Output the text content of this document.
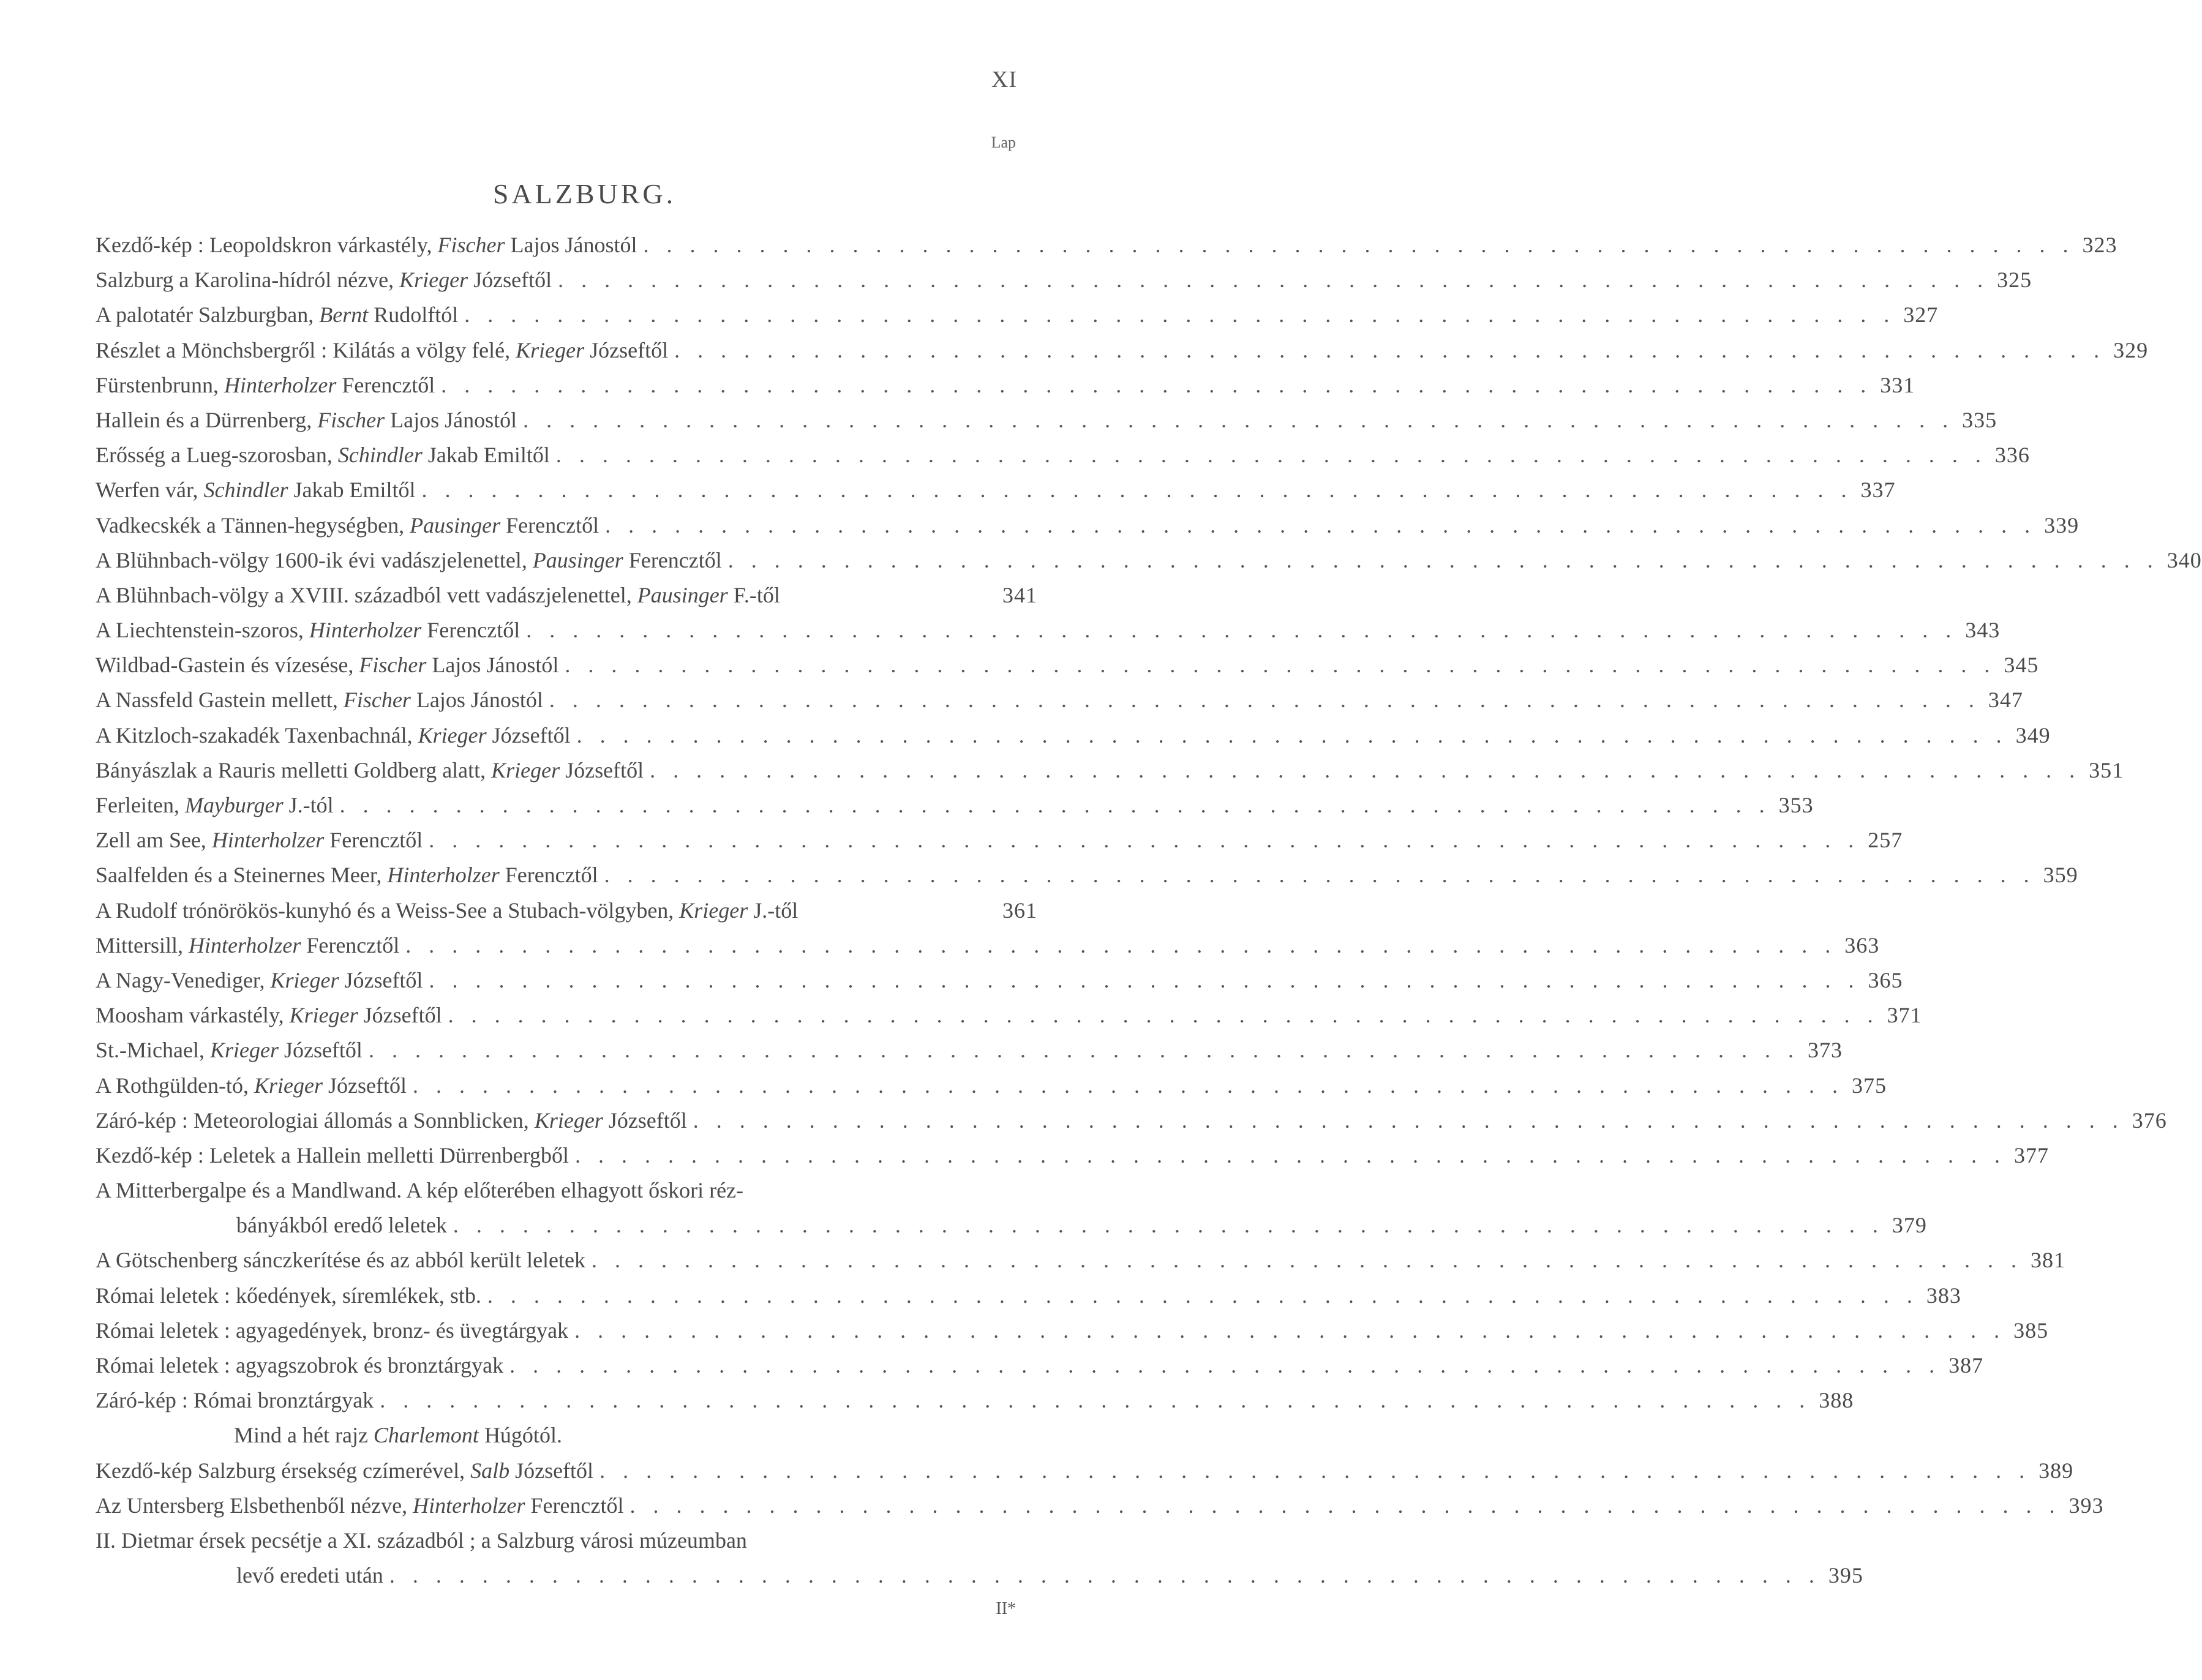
XI
Lap
SALZBURG.
Kezdő-kép : Leopoldskron várkastély, Fischer Lajos Jánostól . . .	323
Salzburg a Karolina-hídról nézve, Krieger Józseftől . . .	325
A palotatér Salzburgban, Bernt Rudolftól . . .	327
Részlet a Mönchsbergről : Kilátás a völgy felé, Krieger Józseftől . . .	329
Fürstenbrunn, Hinterholzer Ferencztől . . .	331
Hallein és a Dürrenberg, Fischer Lajos Jánostól . . .	335
Erősség a Lueg-szorosban, Schindler Jakab Emiltől . . .	336
Werfen vár, Schindler Jakab Emiltől . . .	337
Vadkecskék a Tännen-hegységben, Pausinger Ferencztől . . .	339
A Blühnbach-völgy 1600-ik évi vadászjelenettel, Pausinger Ferencztől . . .	340
A Blühnbach-völgy a XVIII. századból vett vadászjelenettel, Pausinger F.-től	341
A Liechtenstein-szoros, Hinterholzer Ferencztől . . .	343
Wildbad-Gastein és vízesése, Fischer Lajos Jánostól . . .	345
A Nassfeld Gastein mellett, Fischer Lajos Jánostól . . .	347
A Kitzloch-szakadék Taxenbachnál, Krieger Józseftől . . .	349
Bányászlak a Rauris melletti Goldberg alatt, Krieger Józseftől . . .	351
Ferleiten, Mayburger J.-tól . . .	353
Zell am See, Hinterholzer Ferencztől . . .	257
Saalfelden és a Steinernes Meer, Hinterholzer Ferencztől . . .	359
A Rudolf trónörökös-kunyhó és a Weiss-See a Stubach-völgyben, Krieger J.-től	361
Mittersill, Hinterholzer Ferencztől . . .	363
A Nagy-Venediger, Krieger Józseftől . . .	365
Moosham várkastély, Krieger Józseftől . . .	371
St.-Michael, Krieger Józseftől . . .	373
A Rothgülden-tó, Krieger Józseftől . . .	375
Záró-kép : Meteorologiai állomás a Sonnblicken, Krieger Józseftől . . .	376
Kezdő-kép : Leletek a Hallein melletti Dürrenbergből . . .	377
A Mitterbergalpe és a Mandlwand. A kép előterében elhagyott őskori réz-
bányákból eredő leletek . . .	379
A Götschenberg sánczkerítése és az abból került leletek . . .	381
Római leletek : kőedények, síremlékek, stb. . . .	383
Római leletek : agyagedények, bronz- és üvegtárgyak . . .	385
Római leletek : agyagszobrok és bronztárgyak . . .	387
Záró-kép : Római bronztárgyak . . .	388
Mind a hét rajz Charlemont Húgótól.
Kezdő-kép Salzburg érsekség czímerével, Salb Józseftől . . .	389
Az Untersberg Elsbethenből nézve, Hinterholzer Ferencztől . . .	393
II. Dietmar érsek pecsétje a XI. századból ; a Salzburg városi múzeumban
levő eredeti után . . .	395
II*
